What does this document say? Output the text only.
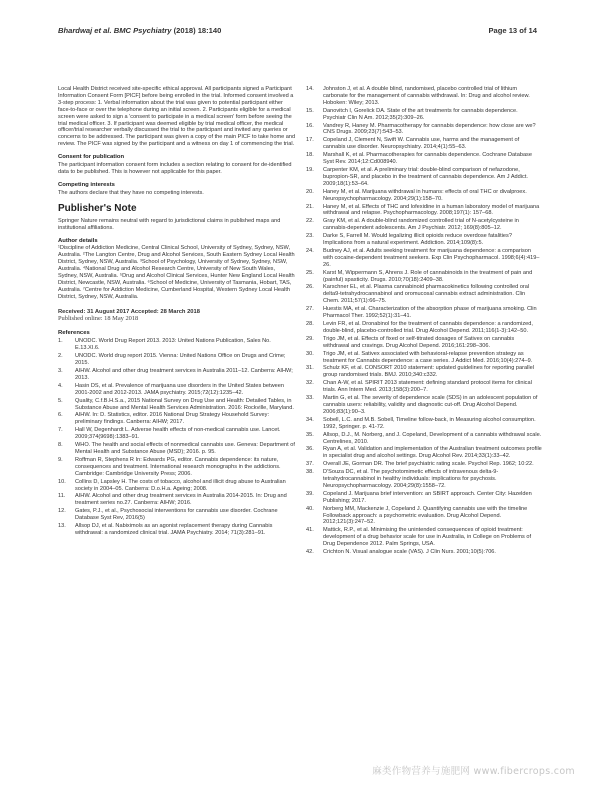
Bhardwaj et al. BMC Psychiatry (2018) 18:140	Page 13 of 14

Local Health District received site-specific ethical approval. All participants signed a Participant Information Consent Form [PICF] before being enrolled in the trial. Informed consent involved a 3-step process: 1. Verbal information about the trial was given to potential participant either face-to-face or over the telephone during an initial screen. 2. Participants eligible for a medical screen were asked to sign a 'consent to participate in a medical screen' form before seeing the trial medical officer. 3. If participant was deemed eligible by trial medical officer, the medical officer/trial researcher verbally discussed the trial to the participant and invited any queries or concerns to be addressed. The participant was given a copy of the main PICF to take home and review. The PICF was signed by the participant and a witness on day 1 of commencing the trial.

Consent for publication

The participant information consent form includes a section relating to consent for de-identified data to be published. This is however not applicable for this paper.

Competing interests

The authors declare that they have no competing interests.

Publisher's Note

Springer Nature remains neutral with regard to jurisdictional claims in published maps and institutional affiliations.

Author details

¹Discipline of Addiction Medicine, Central Clinical School, University of Sydney, Sydney, NSW, Australia. ²The Langton Centre, Drug and Alcohol Services, South Eastern Sydney Local Health District, Sydney, NSW, Australia. ³School of Psychology, University of Sydney, Sydney, NSW, Australia. ⁴National Drug and Alcohol Research Centre, University of New South Wales, Sydney, NSW, Australia. ⁵Drug and Alcohol Clinical Services, Hunter New England Local Health District, Newcastle, NSW, Australia. ⁶School of Medicine, University of Tasmania, Hobart, TAS, Australia. ⁷Centre for Addiction Medicine, Cumberland Hospital, Western Sydney Local Health District, Sydney, NSW, Australia.

Received: 31 August 2017 Accepted: 28 March 2018

Published online: 18 May 2018

References
1.	UNODC. World Drug Report 2013. 2013: United Nations Publication, Sales No. E.13.XI.6.
2.	UNODC. World drug report 2015. Vienna: United Nations Office on Drugs and Crime; 2015.
3.	AIHW. Alcohol and other drug treatment services in Australia 2011–12. Canberra: AIHW; 2013.
4.	Hasin DS, et al. Prevalence of marijuana use disorders in the United States between 2001-2002 and 2012-2013. JAMA psychiatry. 2015;72(12):1235–42.
5.	Quality, C.f.B.H.S.a., 2015 National Survey on Drug Use and Health: Detailed Tables, in Substance Abuse and Mental Health Services Administration. 2016: Rockville, Maryland.
6.	AIHW. In: D. Statistics, editor. 2016 National Drug Strategy Household Survey: preliminary findings. Canberra: AIHW; 2017.
7.	Hall W, Degenhardt L. Adverse health effects of non-medical cannabis use. Lancet. 2009;374(9698):1383–91.
8.	WHO. The health and social effects of nonmedical cannabis use. Geneva: Department of Mental Health and Substance Abuse (MSD); 2016. p. 95.
9.	Roffman R, Stephens R In: Edwards PG, editor. Cannabis dependence: its nature, consequences and treatment. International research monographs in the addictions. Cambridge: Cambridge University Press; 2006.
10.	Collins D, Lapsley H. The costs of tobacco, alcohol and illicit drug abuse to Australian society in 2004–05. Canberra: D.o.H.a. Ageing; 2008.
11.	AIHW. Alcohol and other drug treatment services in Australia 2014-2015. In: Drug and treatment series no.27. Canberra: AIHW; 2016.
12.	Gates, P.J., et al., Psychosocial interventions for cannabis use disorder. Cochrane Database Syst Rev, 2016(5)
13.	Allsop DJ, et al. Nabiximols as an agonist replacement therapy during Cannabis withdrawal: a randomized clinical trial. JAMA Psychiatry. 2014; 71(3):281–91.
14.	Johnston J, et al. A double blind, randomised, placebo controlled trial of lithium carbonate for the management of cannabis withdrawal. In: Drug and alcohol review. Hoboken: Wiley; 2013.
15.	Danovitch I, Gorelick DA. State of the art treatments for cannabis dependence. Psychiatr Clin N Am. 2012;35(2):309–26.
16.	Vandrey R, Haney M. Pharmacotherapy for cannabis dependence: how close are we? CNS Drugs. 2009;23(7):543–53.
17.	Copeland J, Clement N, Swift W. Cannabis use, harms and the management of cannabis use disorder. Neuropsychiatry. 2014;4(1):55–63.
18.	Marshall K, et al. Pharmacotherapies for cannabis dependence. Cochrane Database Syst Rev. 2014;12:Cd008940.
19.	Carpenter KM, et al. A preliminary trial: double-blind comparison of nefazodone, bupropion-SR, and placebo in the treatment of cannabis dependence. Am J Addict. 2009;18(1):53–64.
20.	Haney M, et al. Marijuana withdrawal in humans: effects of oral THC or divalproex. Neuropsychopharmacology. 2004;29(1):158–70.
21.	Haney M, et al. Effects of THC and lofexidine in a human laboratory model of marijuana withdrawal and relapse. Psychopharmacology. 2008;197(1): 157–68.
22.	Gray KM, et al. A double-blind randomized controlled trial of N-acetylcysteine in cannabis-dependent adolescents. Am J Psychiatr. 2012; 169(8):805–12.
23.	Darke S, Farrell M. Would legalizing illicit opioids reduce overdose fatalities? Implications from a natural experiment. Addiction. 2014;109(8):5.
24.	Budney AJ, et al. Adults seeking treatment for marijuana dependence: a comparison with cocaine-dependent treatment seekers. Exp Clin Psychopharmacol. 1998;6(4):419–26.
25.	Karst M, Wippermann S, Ahrens J. Role of cannabinoids in the treatment of pain and (painful) spasticity. Drugs. 2010;70(18):2409–38.
26.	Karschner EL, et al. Plasma cannabinoid pharmacokinetics following controlled oral delta9-tetrahydrocannabinol and oromucosal cannabis extract administration. Clin Chem. 2011;57(1):66–75.
27.	Huestis MA, et al. Characterization of the absorption phase of marijuana smoking. Clin Pharmacol Ther. 1992;52(1):31–41.
28.	Levin FR, et al. Dronabinol for the treatment of cannabis dependence: a randomized, double-blind, placebo-controlled trial. Drug Alcohol Depend. 2011;116(1-3):142–50.
29.	Trigo JM, et al. Effects of fixed or self-titrated dosages of Sativex on cannabis withdrawal and cravings. Drug Alcohol Depend. 2016;161:298–306.
30.	Trigo JM, et al. Sativex associated with behavioral-relapse prevention strategy as treatment for Cannabis dependence: a case series. J Addict Med. 2016;10(4):274–9.
31.	Schulz KF, et al. CONSORT 2010 statement: updated guidelines for reporting parallel group randomised trials. BMJ. 2010;340:c332.
32.	Chan A-W, et al. SPIRIT 2013 statement: defining standard protocol items for clinical trials. Ann Intern Med. 2013;158(3):200–7.
33.	Martin G, et al. The severity of dependence scale (SDS) in an adolescent population of cannabis users: reliability, validity and diagnostic cut-off. Drug Alcohol Depend. 2006;83(1):90–3.
34.	Sobell, L.C. and M.B. Sobell, Timeline follow-back, in Measuring alcohol consumption. 1992, Springer. p. 41-72.
35.	Allsop, D.J., M. Norberg, and J. Copeland, Development of a cannabis withdrawal scale. Centrelines, 2010.
36.	Ryan A, et al. Validation and implementation of the Australian treatment outcomes profile in specialist drug and alcohol settings. Drug Alcohol Rev. 2014;33(1):33–42.
37.	Overall JE, Gorman DR. The brief psychiatric rating scale. Psychol Rep. 1962; 10:22.
38.	D'Souza DC, et al. The psychotomimetic effects of intravenous delta-9-tetrahydrocannabinol in healthy individuals: implications for psychosis. Neuropsychopharmacology. 2004;29(8):1558–72.
39.	Copeland J. Marijuana brief intervention: an SBIRT approach. Center City: Hazelden Publishing; 2017.
40.	Norberg MM, Mackenzie J, Copeland J. Quantifying cannabis use with the timeline Followback approach: a psychometric evaluation. Drug Alcohol Depend. 2012;121(3):247–52.
41.	Mattick, R.P., et al. Minimising the unintended consequences of opioid treatment: development of a drug behavior scale for use in Australia, in College on Problems of Drug Dependence 2012. Palm Springs, USA.
42.	Crichton N. Visual analogue scale (VAS). J Clin Nurs. 2001;10(5):706.
麻类作物营养与施肥网 www.fibercrops.com
